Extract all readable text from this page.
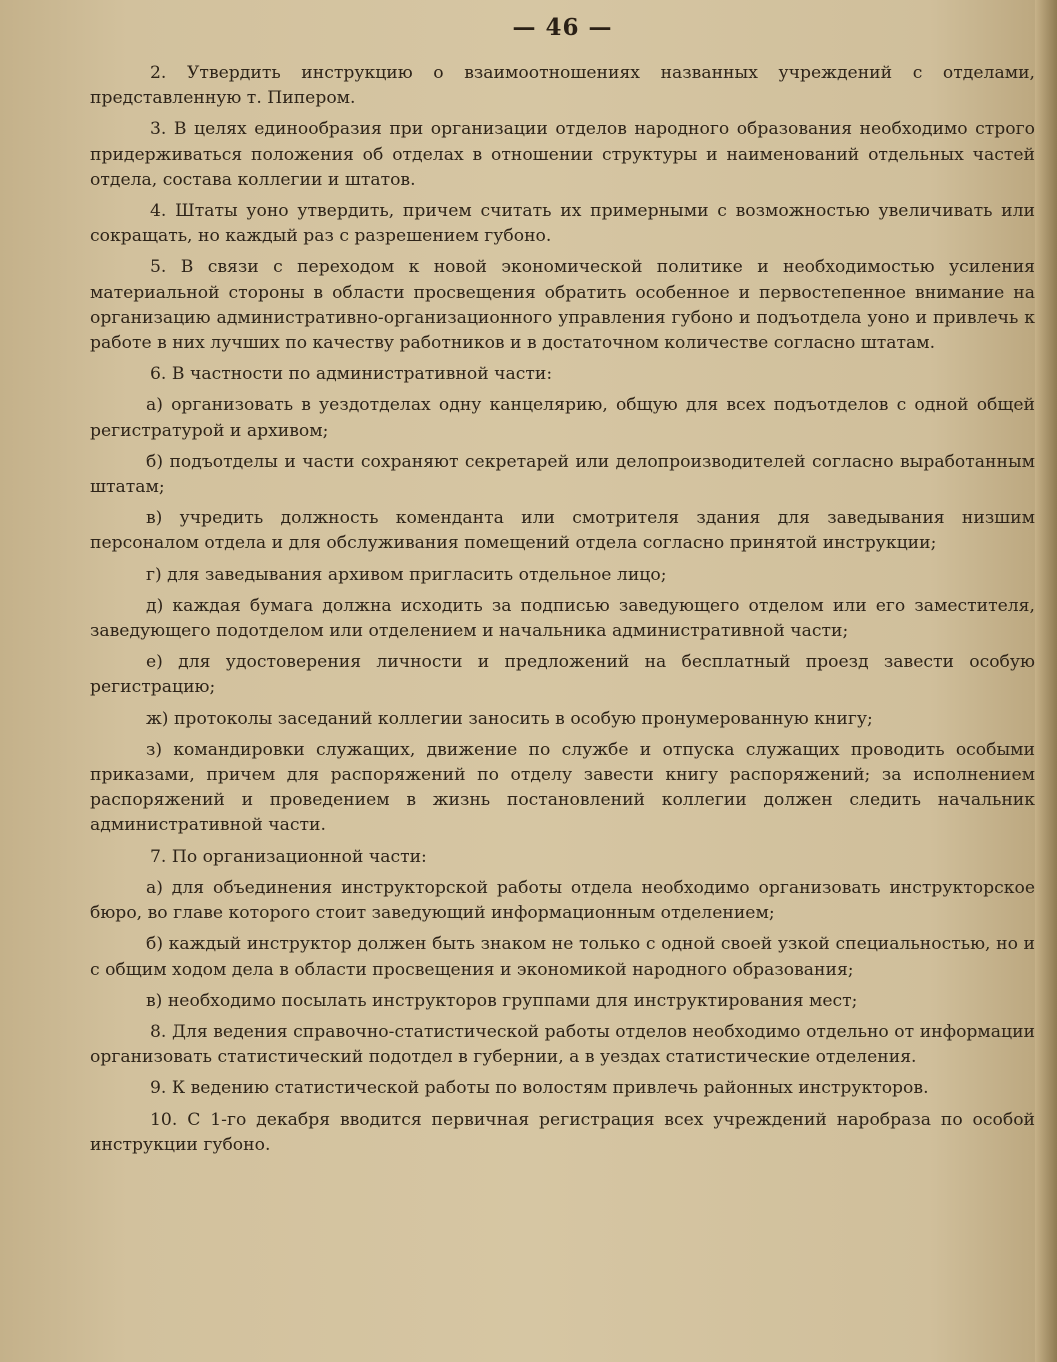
— 46 —

2. Утвердить инструкцию о взаимоотношениях названных учреждений с отделами, представленную т. Пипером.

3. В целях единообразия при организации отделов народного образования необходимо строго придерживаться положения об отделах в отношении структуры и наименований отдельных частей отдела, состава коллегии и штатов.

4. Штаты уоно утвердить, причем считать их примерными с возможностью увеличивать или сокращать, но каждый раз с разрешением губоно.

5. В связи с переходом к новой экономической политике и необходимостью усиления материальной стороны в области просвещения обратить особенное и первостепенное внимание на организацию административно-организационного управления губоно и подъотдела уоно и привлечь к работе в них лучших по качеству работников и в достаточном количестве согласно штатам.

6. В частности по административной части:

а) организовать в уездотделах одну канцелярию, общую для всех подъотделов с одной общей регистратурой и архивом;

б) подъотделы и части сохраняют секретарей или делопроизводителей согласно выработанным штатам;

в) учредить должность коменданта или смотрителя здания для заведывания низшим персоналом отдела и для обслуживания помещений отдела согласно принятой инструкции;

г) для заведывания архивом пригласить отдельное лицо;

д) каждая бумага должна исходить за подписью заведующего отделом или его заместителя, заведующего подотделом или отделением и начальника административной части;

е) для удостоверения личности и предложений на бесплатный проезд завести особую регистрацию;

ж) протоколы заседаний коллегии заносить в особую пронумерованную книгу;

з) командировки служащих, движение по службе и отпуска служащих проводить особыми приказами, причем для распоряжений по отделу завести книгу распоряжений; за исполнением распоряжений и проведением в жизнь постановлений коллегии должен следить начальник административной части.

7. По организационной части:

а) для объединения инструкторской работы отдела необходимо организовать инструкторское бюро, во главе которого стоит заведующий информационным отделением;

б) каждый инструктор должен быть знаком не только с одной своей узкой специальностью, но и с общим ходом дела в области просвещения и экономикой народного образования;

в) необходимо посылать инструкторов группами для инструктирования мест;

8. Для ведения справочно-статистической работы отделов необходимо отдельно от информации организовать статистический подотдел в губернии, а в уездах статистические отделения.

9. К ведению статистической работы по волостям привлечь районных инструкторов.

10. С 1-го декабря вводится первичная регистрация всех учреждений наробраза по особой инструкции губоно.
